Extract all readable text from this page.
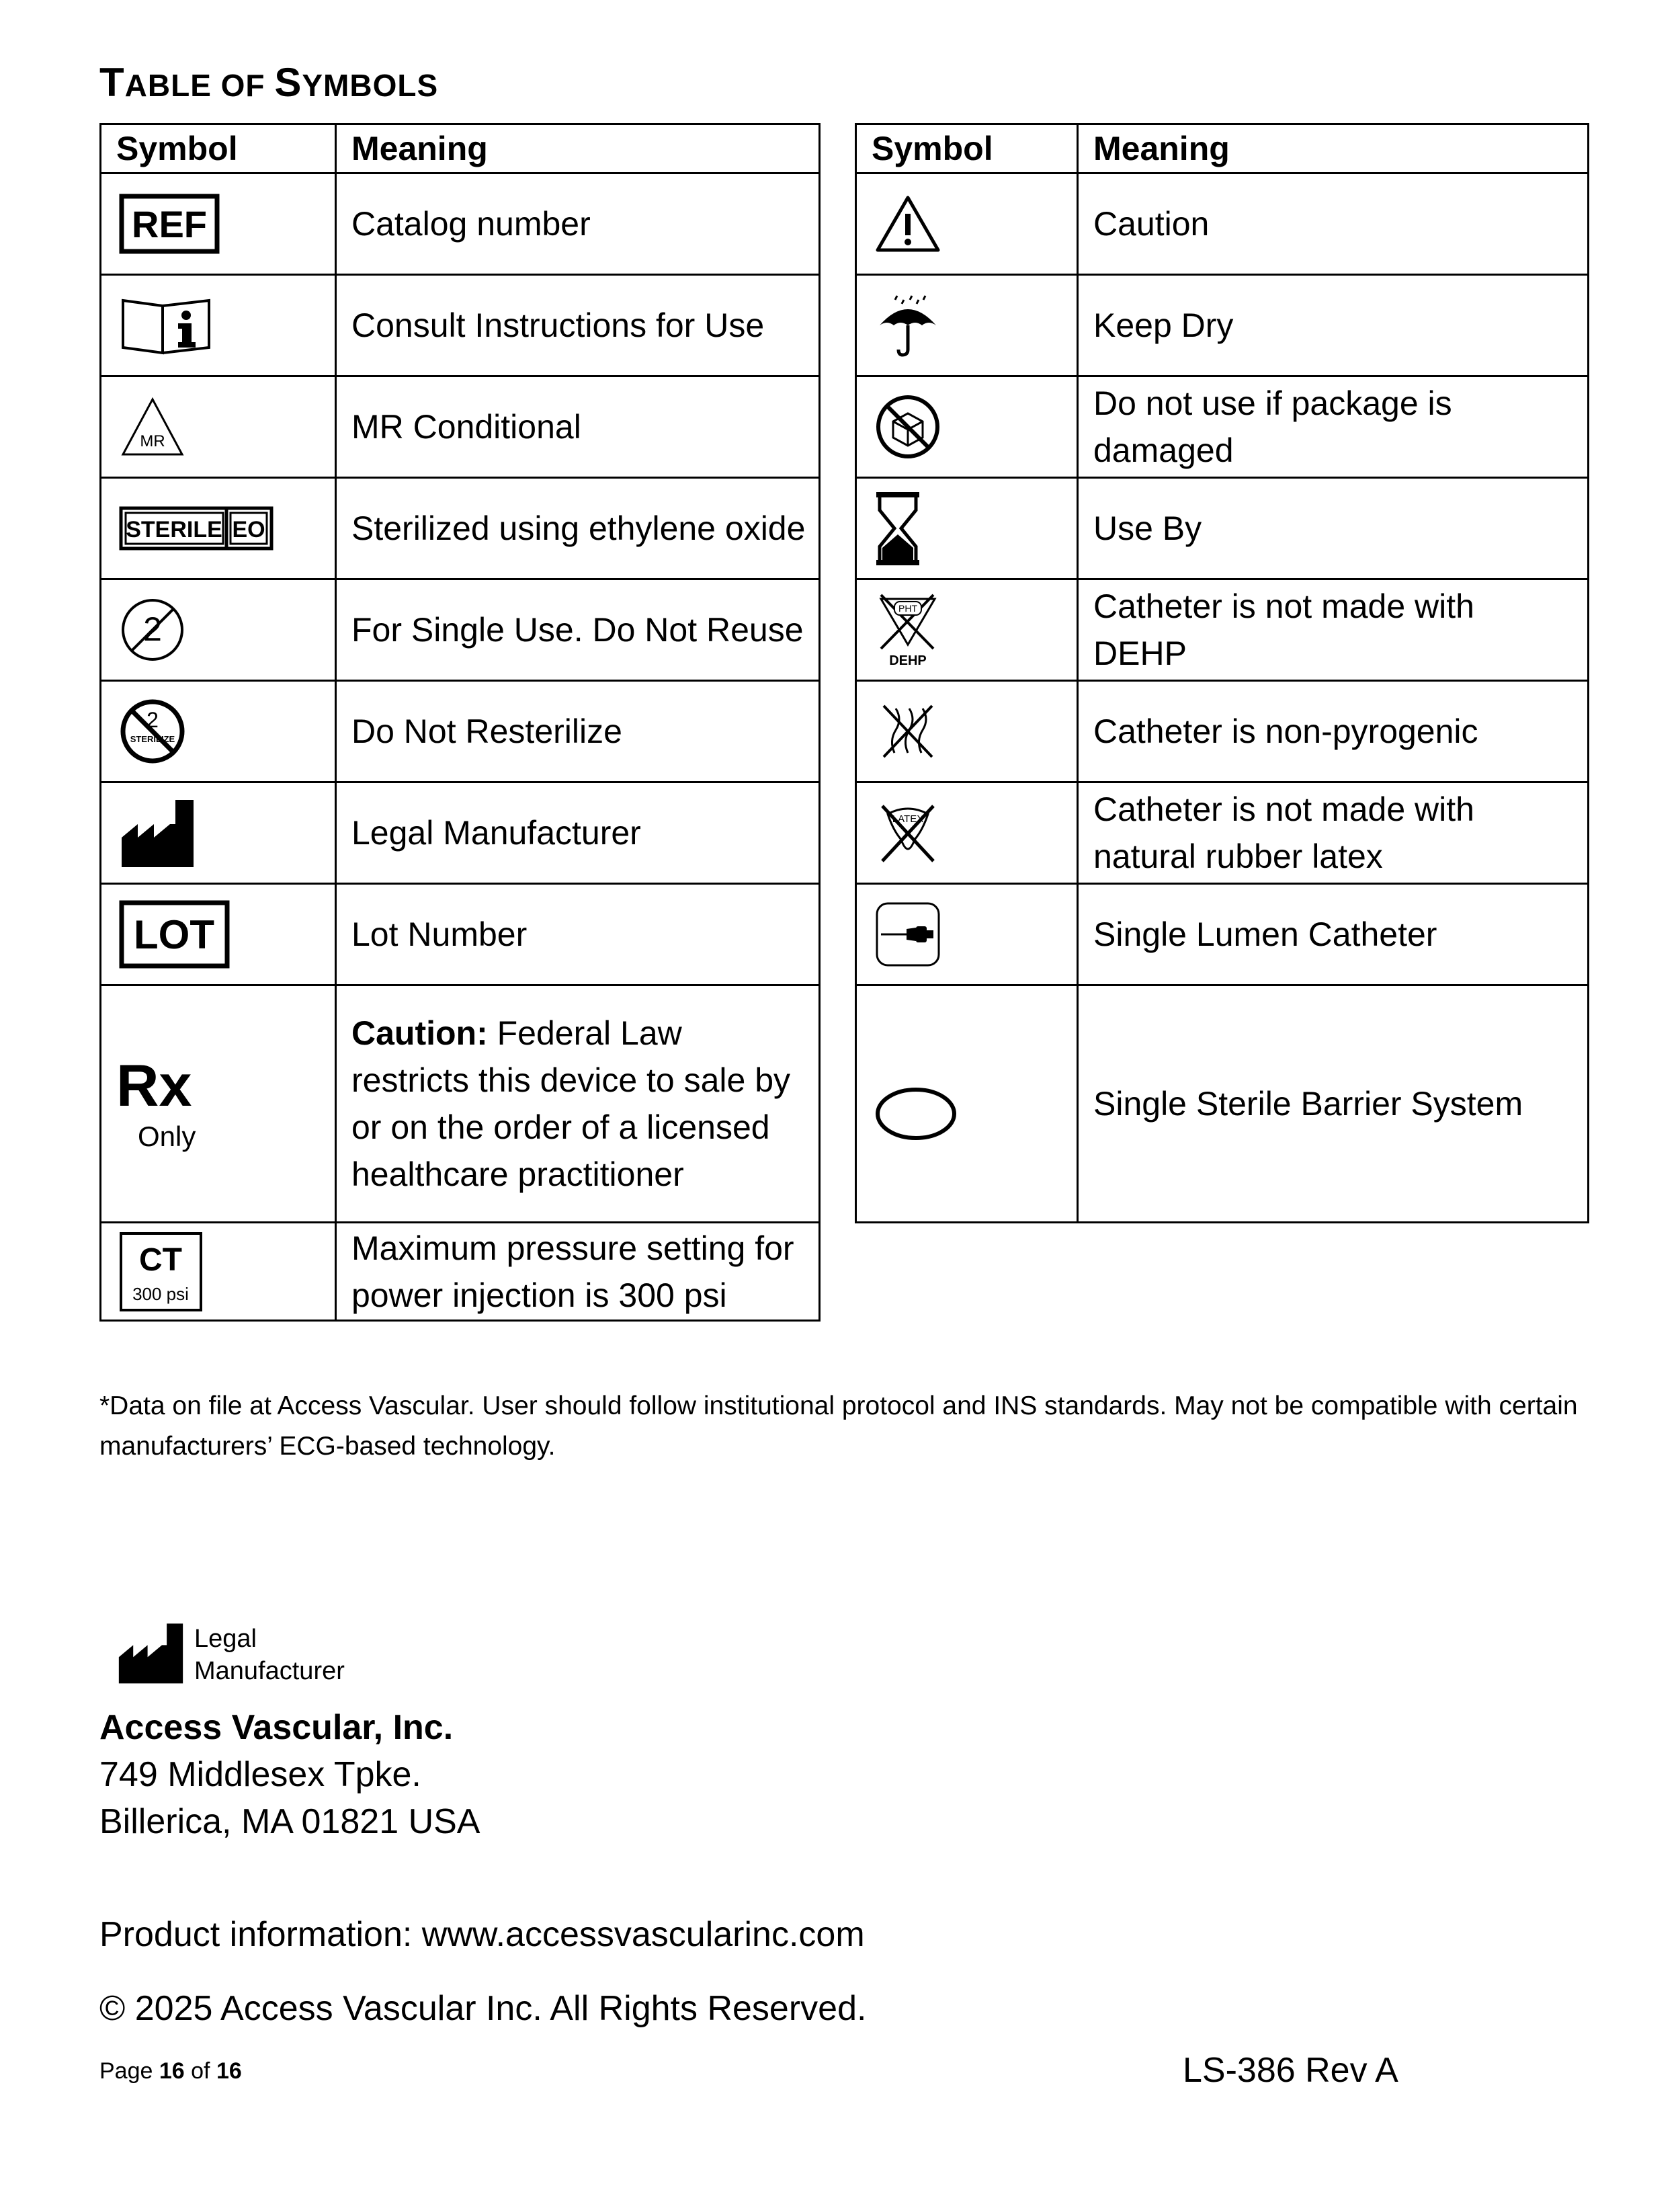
TABLE OF SYMBOLS
Symbol	Meaning

REF	Catalog number

	Consult Instructions for Use

MR	MR Conditional

STERILE EO	Sterilized using ethylene oxide

2	For Single Use. Do Not Reuse

2
STERILIZE	Do Not Resterilize

	Legal Manufacturer

LOT	Lot Number

Rx
Only	Caution: Federal Law restricts this device to sale by or on the order of a licensed healthcare practitioner

CT
300 psi	Maximum pressure setting for power injection is 300 psi
Symbol	Meaning

	Caution

	Keep Dry

	Do not use if package is damaged

	Use By

PHT
DEHP	Catheter is not made with DEHP

	Catheter is non-pyrogenic

LATEX	Catheter is not made with natural rubber latex

	Single Lumen Catheter

	Single Sterile Barrier System
*Data on file at Access Vascular. User should follow institutional protocol and INS standards. May not be compatible with certain manufacturers’ ECG-based technology.
Legal
Manufacturer
Access Vascular, Inc.
749 Middlesex Tpke.
Billerica, MA 01821 USA
Product information: www.accessvascularinc.com
© 2025 Access Vascular Inc. All Rights Reserved.
Page 16 of 16	LS-386 Rev A
